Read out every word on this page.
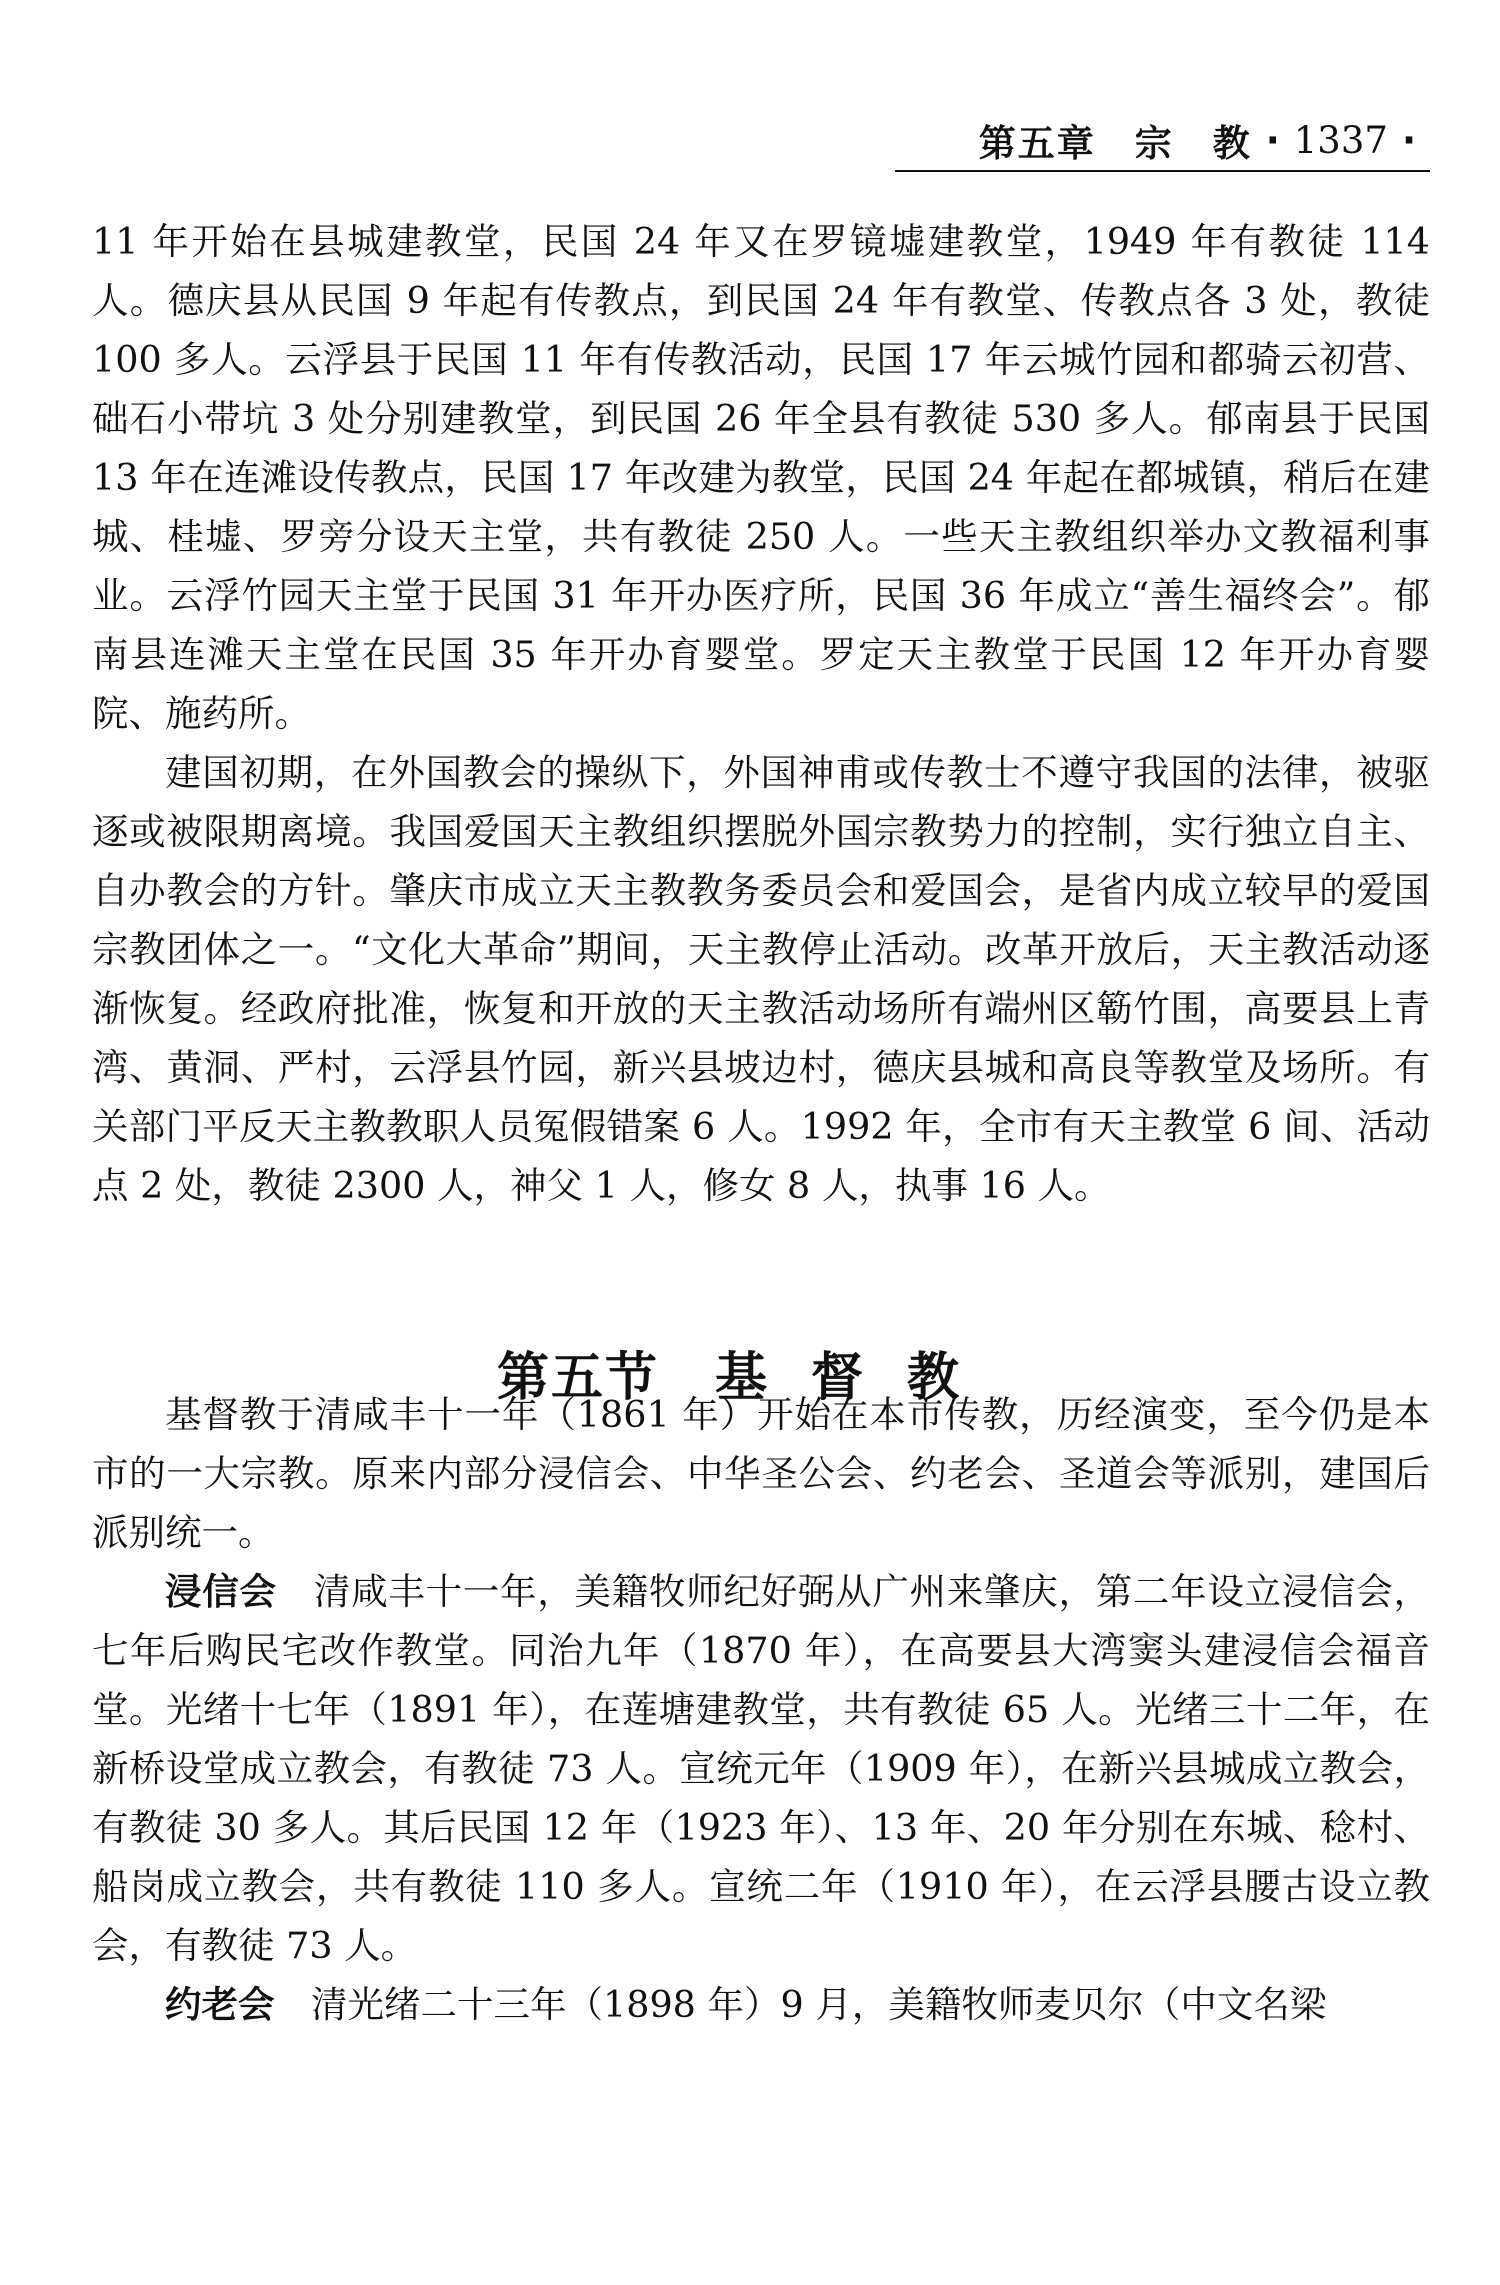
第五章　宗　教 · 1337 ·

11 年开始在县城建教堂，民国 24 年又在罗镜墟建教堂，1949 年有教徒 114 人。德庆县从民国 9 年起有传教点，到民国 24 年有教堂、传教点各 3 处，教徒 100 多人。云浮县于民国 11 年有传教活动，民国 17 年云城竹园和都骑云初营、础石小带坑 3 处分别建教堂，到民国 26 年全县有教徒 530 多人。郁南县于民国 13 年在连滩设传教点，民国 17 年改建为教堂，民国 24 年起在都城镇，稍后在建城、桂墟、罗旁分设天主堂，共有教徒 250 人。一些天主教组织举办文教福利事业。云浮竹园天主堂于民国 31 年开办医疗所，民国 36 年成立“善生福终会”。郁南县连滩天主堂在民国 35 年开办育婴堂。罗定天主教堂于民国 12 年开办育婴院、施药所。

建国初期，在外国教会的操纵下，外国神甫或传教士不遵守我国的法律，被驱逐或被限期离境。我国爱国天主教组织摆脱外国宗教势力的控制，实行独立自主、自办教会的方针。肇庆市成立天主教教务委员会和爱国会，是省内成立较早的爱国宗教团体之一。“文化大革命”期间，天主教停止活动。改革开放后，天主教活动逐渐恢复。经政府批准，恢复和开放的天主教活动场所有端州区簕竹围，高要县上青湾、黄洞、严村，云浮县竹园，新兴县坡边村，德庆县城和高良等教堂及场所。有关部门平反天主教教职人员冤假错案 6 人。1992 年，全市有天主教堂 6 间、活动点 2 处，教徒 2300 人，神父 1 人，修女 8 人，执事 16 人。

第五节 基督教

基督教于清咸丰十一年（1861 年）开始在本市传教，历经演变，至今仍是本市的一大宗教。原来内部分浸信会、中华圣公会、约老会、圣道会等派别，建国后派别统一。

浸信会　 清咸丰十一年，美籍牧师纪好弼从广州来肇庆，第二年设立浸信会，七年后购民宅改作教堂。同治九年（1870 年），在高要县大湾窦头建浸信会福音堂。光绪十七年（1891 年），在莲塘建教堂，共有教徒 65 人。光绪三十二年，在新桥设堂成立教会，有教徒 73 人。宣统元年（1909 年），在新兴县城成立教会，有教徒 30 多人。其后民国 12 年（1923 年）、13 年、20 年分别在东城、稔村、船岗成立教会，共有教徒 110 多人。宣统二年（1910 年），在云浮县腰古设立教会，有教徒 73 人。

约老会　 清光绪二十三年（1898 年）9 月，美籍牧师麦贝尔（中文名梁
